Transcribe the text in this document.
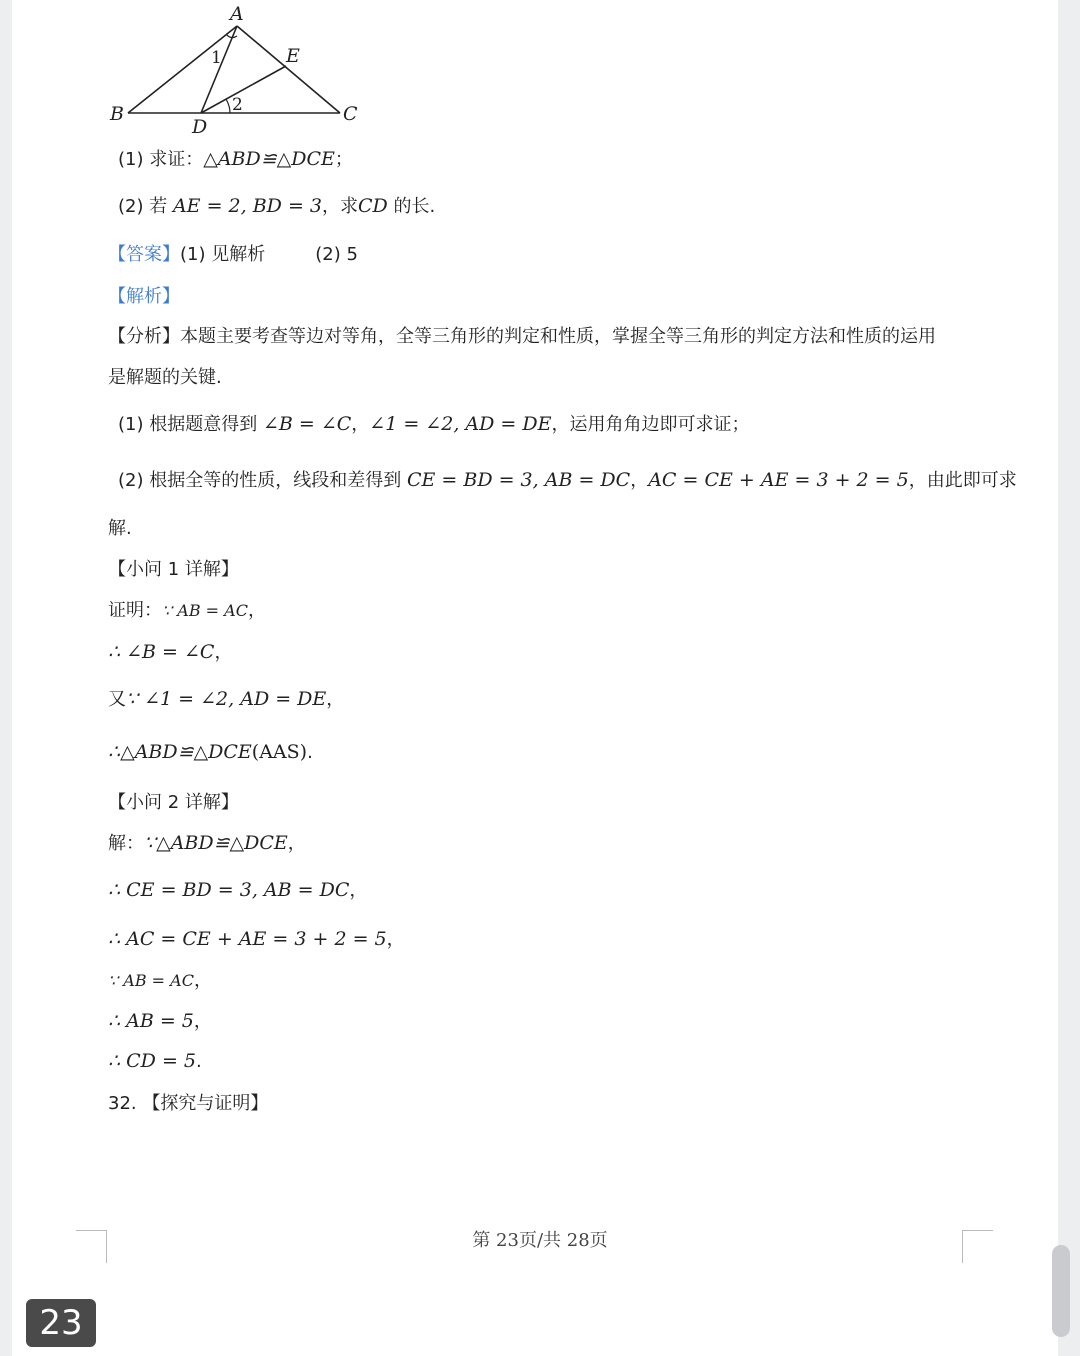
A
B	C
D
E
1
2
(1) 求证：△ABD≌△DCE；
(2) 若 AE = 2, BD = 3，求CD 的长.
【答案】(1) 见解析	(2) 5
【解析】
【分析】本题主要考查等边对等角，全等三角形的判定和性质，掌握全等三角形的判定方法和性质的运用
是解题的关键.
(1) 根据题意得到 ∠B = ∠C，∠1 = ∠2, AD = DE，运用角角边即可求证；
(2) 根据全等的性质，线段和差得到 CE = BD = 3, AB = DC，AC = CE + AE = 3 + 2 = 5，由此即可求
解.
【小问 1 详解】
证明：∵ AB = AC，
∴ ∠B = ∠C，
又∵ ∠1 = ∠2, AD = DE，
∴△ABD≌△DCE(AAS).
【小问 2 详解】
解：∵△ABD≌△DCE，
∴ CE = BD = 3, AB = DC，
∴ AC = CE + AE = 3 + 2 = 5，
∵ AB = AC，
∴ AB = 5，
∴ CD = 5.
32. 【探究与证明】
第 23页/共 28页
23
